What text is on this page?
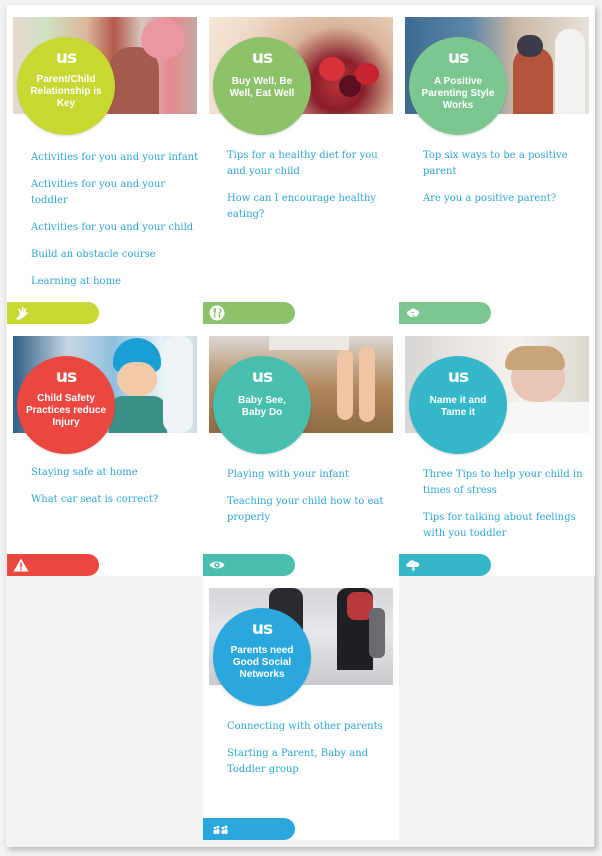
us
Parent/Child Relationship is Key
Activities for you and your infant
Activities for you and your toddler
Activities for you and your child
Build an obstacle course
Learning at home
us
Buy Well, Be Well, Eat Well
Tips for a healthy diet for you and your child
How can I encourage healthy eating?
us
A Positive Parenting Style Works
Top six ways to be a positive parent
Are you a positive parent?
us
Child Safety Practices reduce Injury
Staying safe at home
What car seat is correct?
us
Baby See, Baby Do
Playing with your infant
Teaching your child how to eat properly
us
Name it and Tame it
Three Tips to help your child in times of stress
Tips for talking about feelings with you toddler
us
Parents need Good Social Networks
Connecting with other parents
Starting a Parent, Baby and Toddler group
